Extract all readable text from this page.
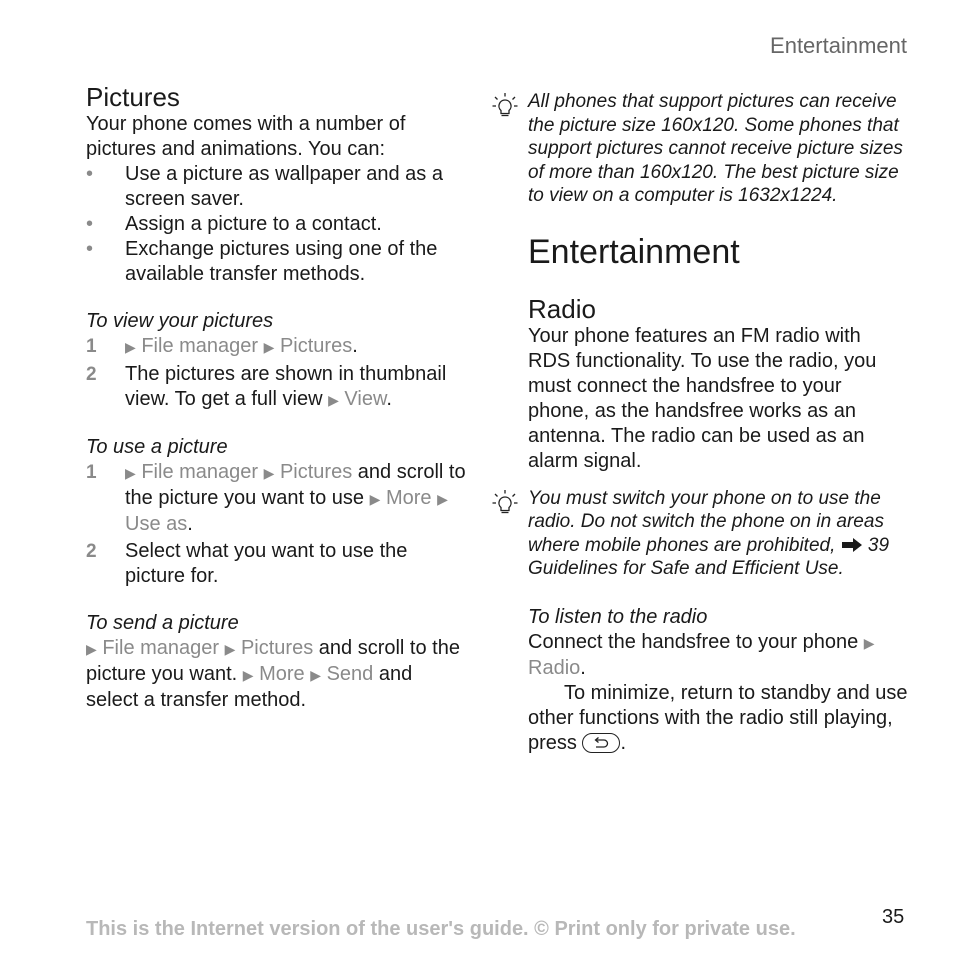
Entertainment
Pictures

Your phone comes with a number of pictures and animations. You can:

• Use a picture as wallpaper and as a screen saver.
• Assign a picture to a contact.
• Exchange pictures using one of the available transfer methods.
To view your pictures
1 ▶ File manager ▶ Pictures.
2 The pictures are shown in thumbnail view. To get a full view ▶ View.
To use a picture
1 ▶ File manager ▶ Pictures and scroll to the picture you want to use ▶ More ▶ Use as.
2 Select what you want to use the picture for.
To send a picture

▶ File manager ▶ Pictures and scroll to the picture you want. ▶ More ▶ Send and select a transfer method.

All phones that support pictures can receive the picture size 160x120. Some phones that support pictures cannot receive picture sizes of more than 160x120. The best picture size to view on a computer is 1632x1224.
Entertainment
Radio

Your phone features an FM radio with RDS functionality. To use the radio, you must connect the handsfree to your phone, as the handsfree works as an antenna. The radio can be used as an alarm signal.

You must switch your phone on to use the radio. Do not switch the phone on in areas where mobile phones are prohibited, 39 Guidelines for Safe and Efficient Use.
To listen to the radio

Connect the handsfree to your phone ▶ Radio.

To minimize, return to standby and use other functions with the radio still playing, press .

This is the Internet version of the user's guide. © Print only for private use.
35
